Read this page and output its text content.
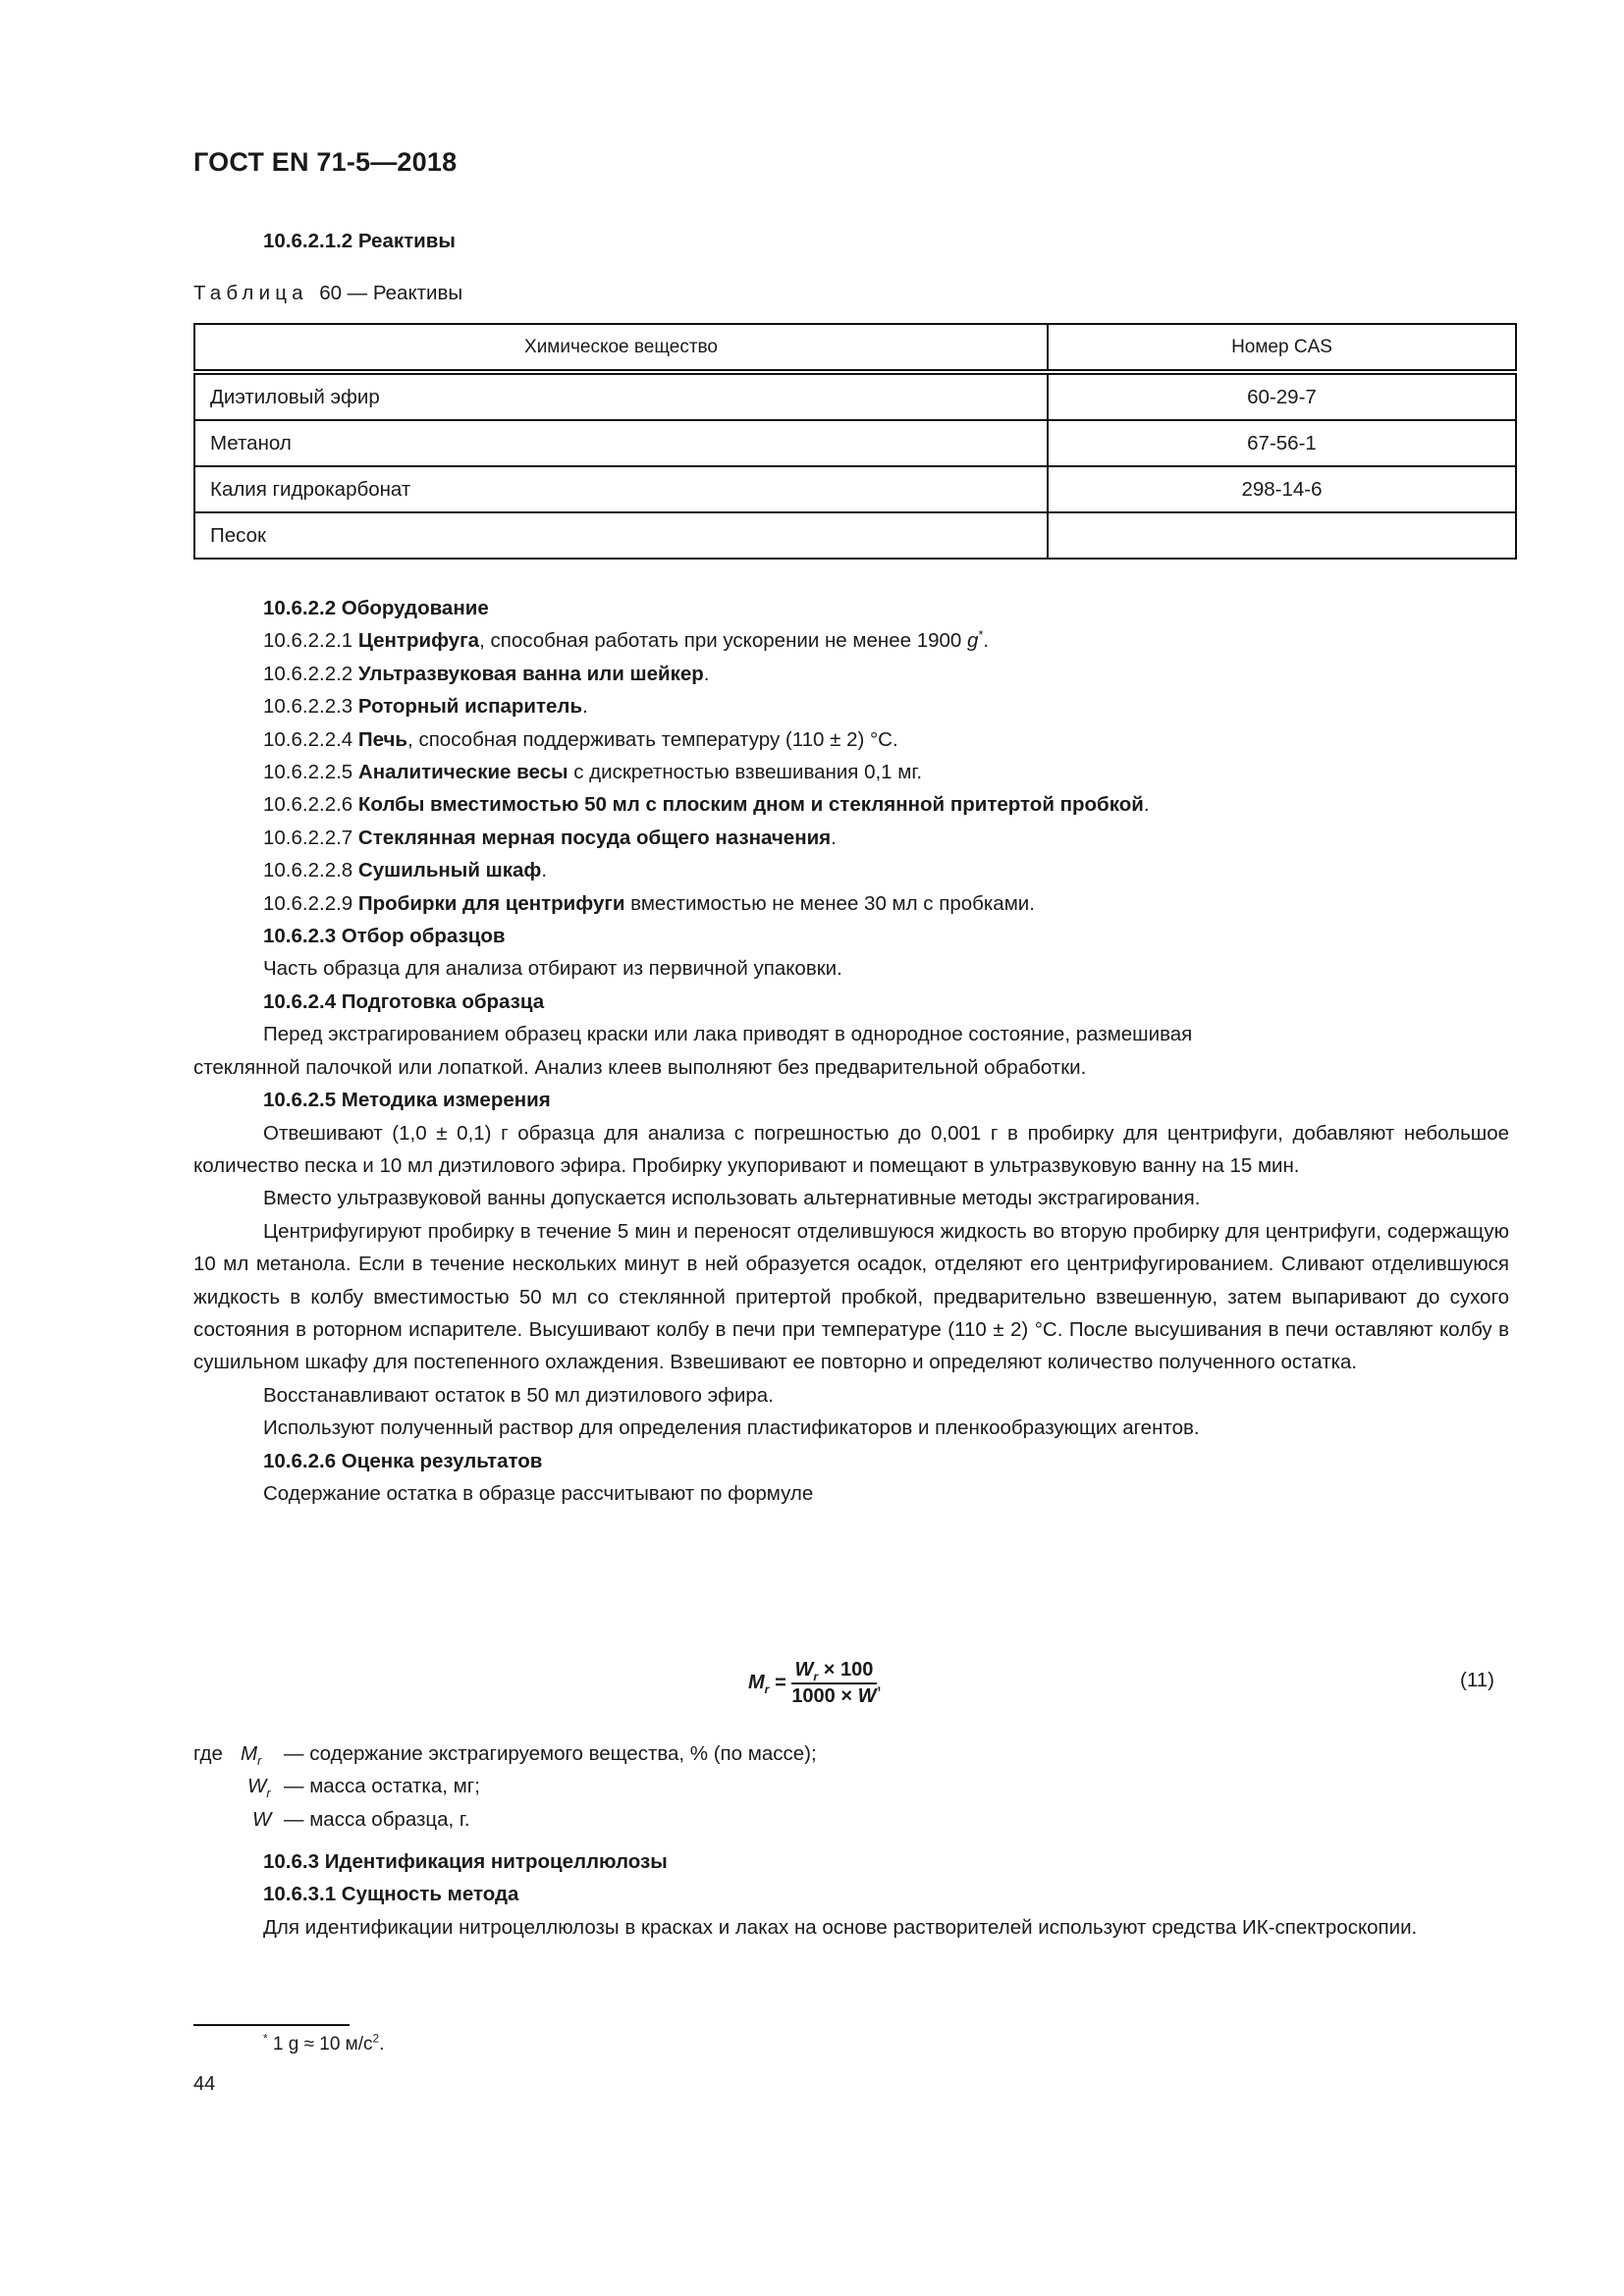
ГОСТ EN 71-5—2018
10.6.2.1.2 Реактивы
Таблица 60 — Реактивы
Химическое вещество	Номер CAS
Диэтиловый эфир	60-29-7
Метанол	67-56-1
Калия гидрокарбонат	298-14-6
Песок	
10.6.2.2 Оборудование
10.6.2.2.1 Центрифуга, способная работать при ускорении не менее 1900 g*.
10.6.2.2.2 Ультразвуковая ванна или шейкер.
10.6.2.2.3 Роторный испаритель.
10.6.2.2.4 Печь, способная поддерживать температуру (110 ± 2) °С.
10.6.2.2.5 Аналитические весы с дискретностью взвешивания 0,1 мг.
10.6.2.2.6 Колбы вместимостью 50 мл с плоским дном и стеклянной притертой пробкой.
10.6.2.2.7 Стеклянная мерная посуда общего назначения.
10.6.2.2.8 Сушильный шкаф.
10.6.2.2.9 Пробирки для центрифуги вместимостью не менее 30 мл с пробками.
10.6.2.3 Отбор образцов
Часть образца для анализа отбирают из первичной упаковки.
10.6.2.4 Подготовка образца
Перед экстрагированием образец краски или лака приводят в однородное состояние, размешивая
стеклянной палочкой или лопаткой. Анализ клеев выполняют без предварительной обработки.
10.6.2.5 Методика измерения
Отвешивают (1,0 ± 0,1) г образца для анализа с погрешностью до 0,001 г в пробирку для центрифуги, добавляют небольшое количество песка и 10 мл диэтилового эфира. Пробирку укупоривают и помещают в ультразвуковую ванну на 15 мин.
Вместо ультразвуковой ванны допускается использовать альтернативные методы экстрагирования.
Центрифугируют пробирку в течение 5 мин и переносят отделившуюся жидкость во вторую пробирку для центрифуги, содержащую 10 мл метанола. Если в течение нескольких минут в ней образуется осадок, отделяют его центрифугированием. Сливают отделившуюся жидкость в колбу вместимостью 50 мл со стеклянной притертой пробкой, предварительно взвешенную, затем выпаривают до сухого состояния в роторном испарителе. Высушивают колбу в печи при температуре (110 ± 2) °С. После высушивания в печи оставляют колбу в сушильном шкафу для постепенного охлаждения. Взвешивают ее повторно и определяют количество полученного остатка.
Восстанавливают остаток в 50 мл диэтилового эфира.
Используют полученный раствор для определения пластификаторов и пленкообразующих агентов.
10.6.2.6 Оценка результатов
Содержание остатка в образце рассчитывают по формуле
$M_r = \frac{W_r \times 100}{1000 \times W}$ ,	(11)
где $M_r$ — содержание экстрагируемого вещества, % (по массе);
$W_r$ — масса остатка, мг;
W — масса образца, г.
10.6.3 Идентификация нитроцеллюлозы
10.6.3.1 Сущность метода
Для идентификации нитроцеллюлозы в красках и лаках на основе растворителей используют средства ИК-спектроскопии.
* 1 g ≈ 10 $м/с^2$.
44
